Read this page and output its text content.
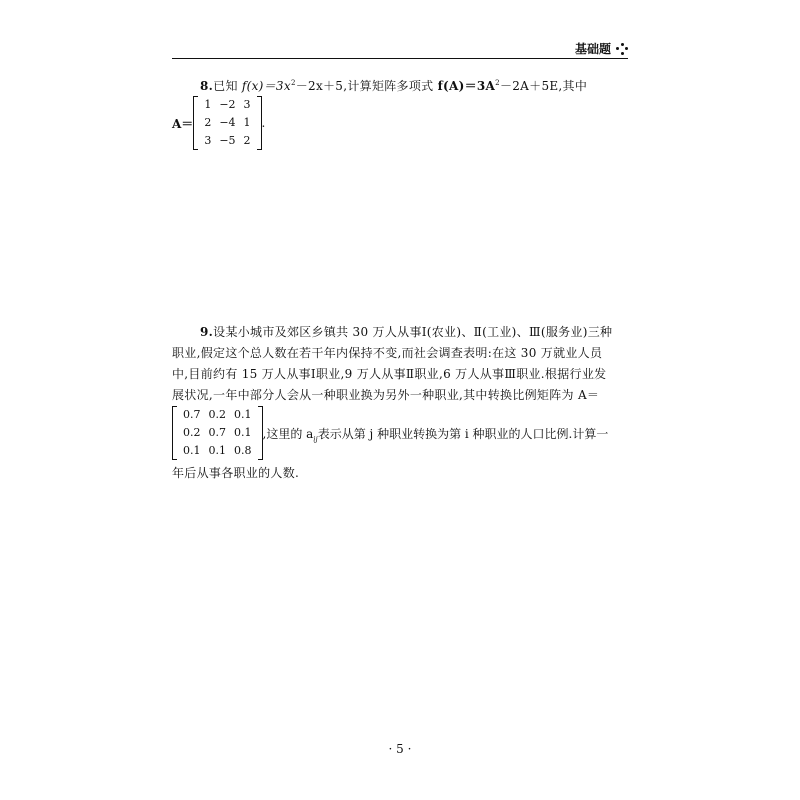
基础题
8.已知 $f(x)=3x^2-2x+5$,计算矩阵多项式 $f(A)=3A^2-2A+5E$,其中
A＝
1	−2	3
2	−4	1
3	−5	2
.
9.设某小城市及郊区乡镇共 30 万人从事Ⅰ(农业)、Ⅱ(工业)、Ⅲ(服务业)三种
职业,假定这个总人数在若干年内保持不变,而社会调查表明:在这 30 万就业人员
中,目前约有 15 万人从事Ⅰ职业,9 万人从事Ⅱ职业,6 万人从事Ⅲ职业.根据行业发
展状况,一年中部分人会从一种职业换为另外一种职业,其中转换比例矩阵为 A＝
0.7	0.2	0.1
0.2	0.7	0.1
0.1	0.1	0.8
,这里的 $a_{ij}$表示从第 j 种职业转换为第 i 种职业的人口比例.计算一
年后从事各职业的人数.
· 5 ·
